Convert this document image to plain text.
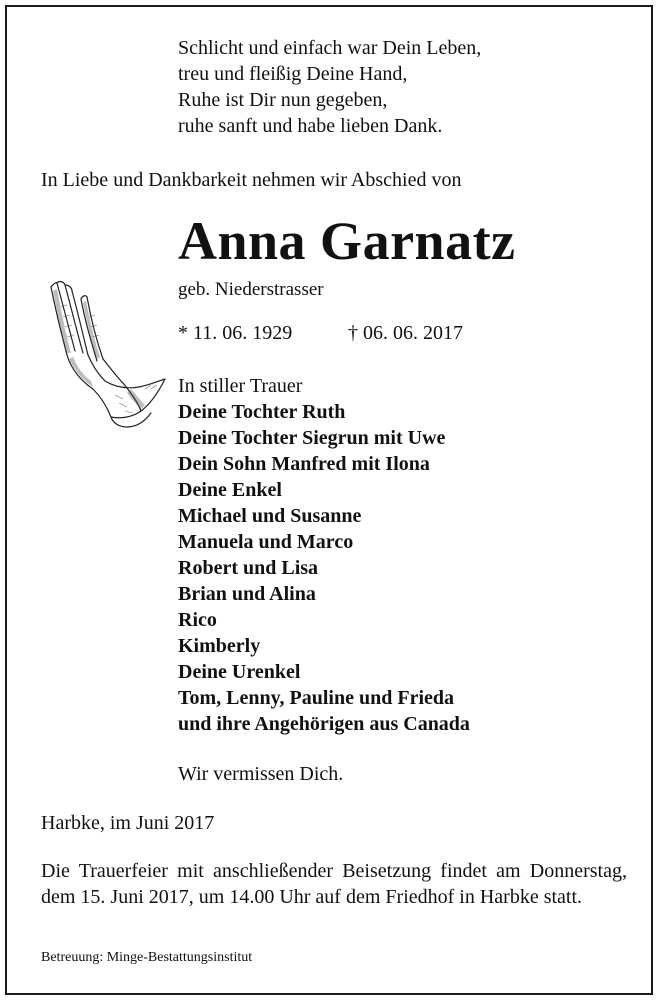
Schlicht und einfach war Dein Leben,
treu und fleißig Deine Hand,
Ruhe ist Dir nun gegeben,
ruhe sanft und habe lieben Dank.
In Liebe und Dankbarkeit nehmen wir Abschied von
Anna Garnatz
geb. Niederstrasser
* 11. 06. 1929	† 06. 06. 2017
In stiller Trauer
Deine Tochter Ruth
Deine Tochter Siegrun mit Uwe
Dein Sohn Manfred mit Ilona
Deine Enkel
Michael und Susanne
Manuela und Marco
Robert und Lisa
Brian und Alina
Rico
Kimberly
Deine Urenkel
Tom, Lenny, Pauline und Frieda
und ihre Angehörigen aus Canada
Wir vermissen Dich.
Harbke, im Juni 2017
Die Trauerfeier mit anschließender Beisetzung findet am Donnerstag, dem 15. Juni 2017, um 14.00 Uhr auf dem Friedhof in Harbke statt.
Betreuung: Minge-Bestattungsinstitut
